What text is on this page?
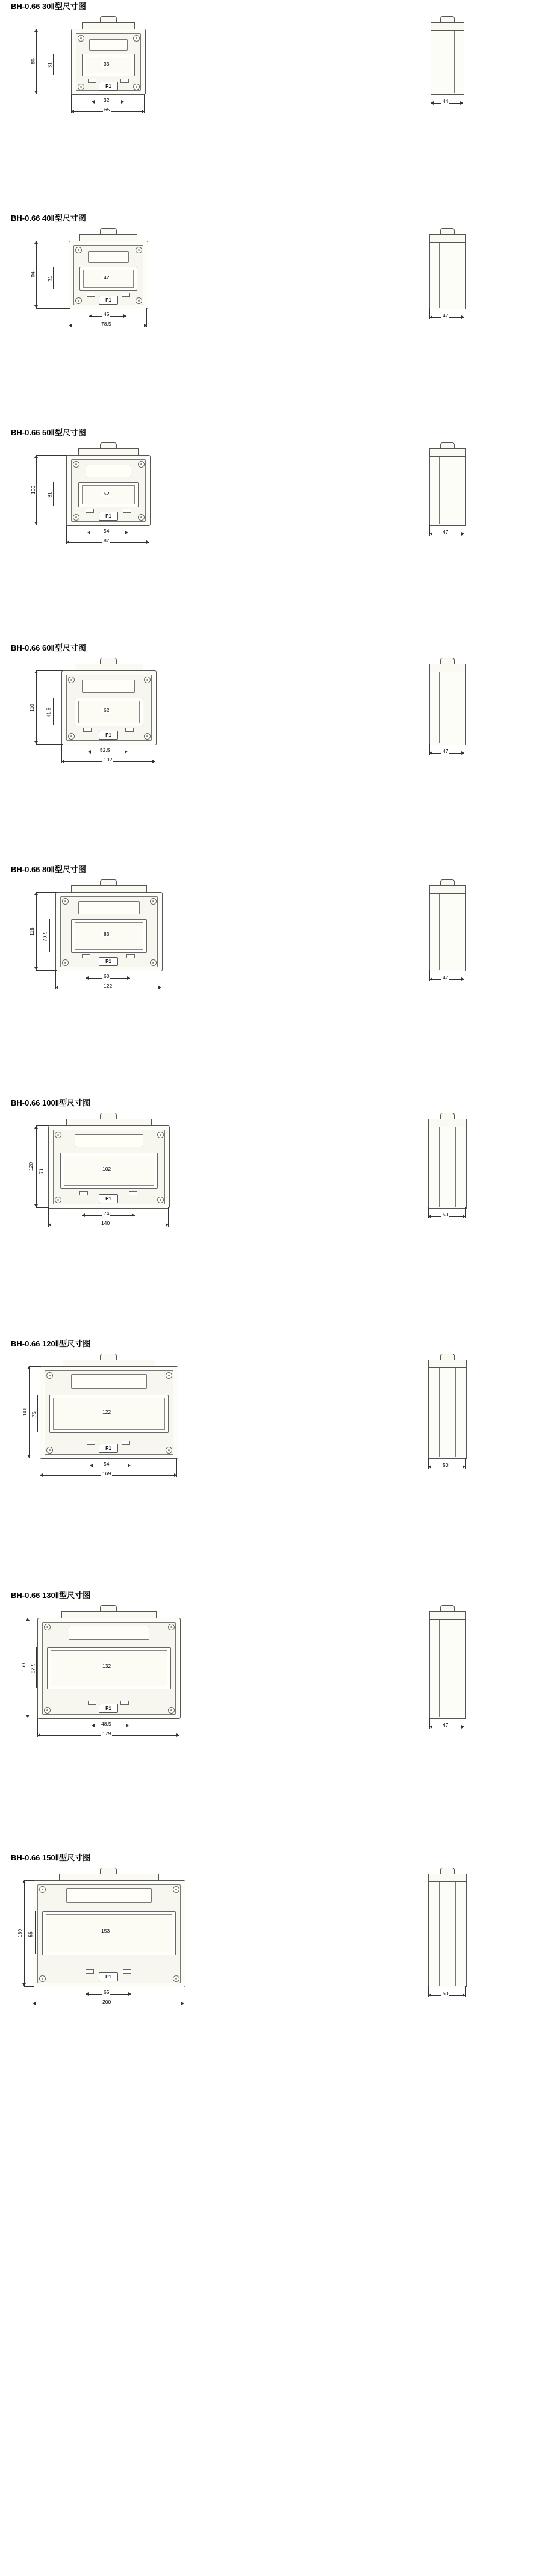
BH-0.66 30Ⅱ型尺寸图
33
P1
86
31
32
65
44
BH-0.66 40Ⅱ型尺寸图
42
P1
94
31
45
78.5
47
BH-0.66 50Ⅱ型尺寸图
52
P1
106
31
54
87
47
BH-0.66 60Ⅱ型尺寸图
62
P1
110 41.5
52.5
102
47
BH-0.66 80Ⅱ型尺寸图
83
P1
118 70.5
60
122
47
BH-0.66 100Ⅱ型尺寸图
102
P1
120
71
74
140
50
BH-0.66 120Ⅱ型尺寸图
122
P1
141 75
54
169
50
BH-0.66 130Ⅱ型尺寸图
132
P1
160 87.5
48.5
179
47
BH-0.66 150Ⅱ型尺寸图
153
P1
169 55
65
200
50
